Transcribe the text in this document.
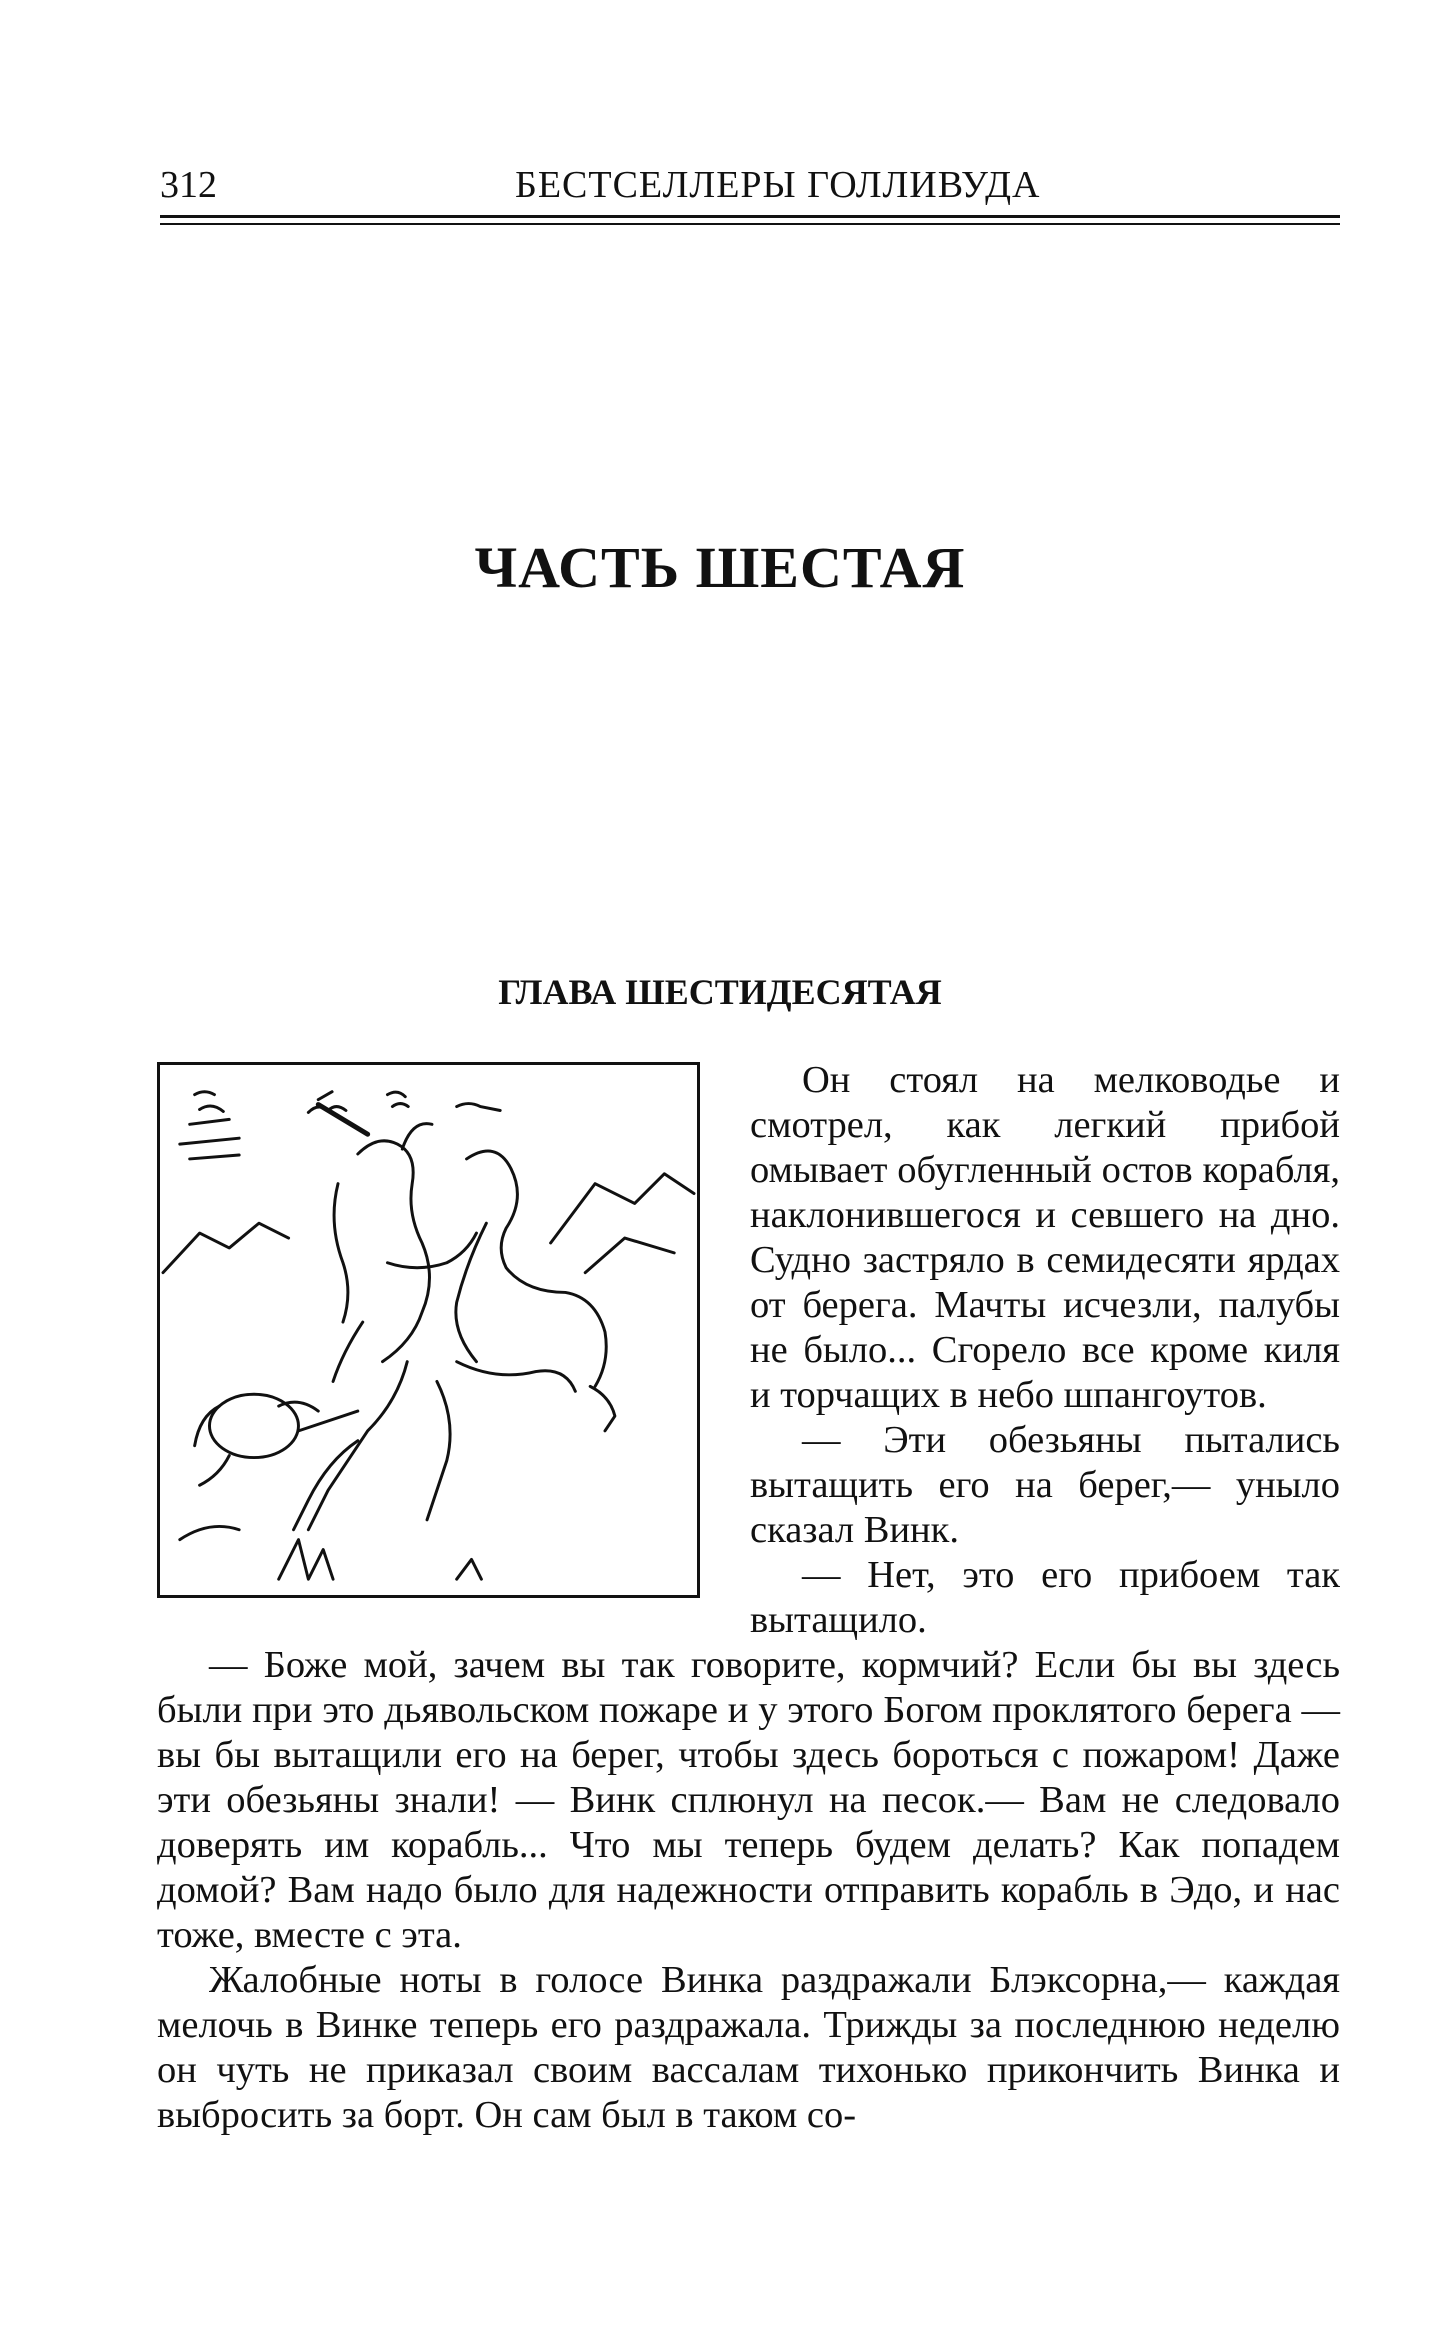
312	БЕСТСЕЛЛЕРЫ ГОЛЛИВУДА
ЧАСТЬ ШЕСТАЯ
ГЛАВА ШЕСТИДЕСЯТАЯ

Он стоял на мелководье и смотрел, как легкий прибой омывает обугленный остов корабля, наклонившегося и севшего на дно. Судно застряло в семидесяти ярдах от берега. Мачты исчезли, палубы не было... Сгорело все кроме киля и торчащих в небо шпангоутов.

— Эти обезьяны пытались вытащить его на берег,— уныло сказал Винк.

— Нет, это его прибоем так вытащило.

— Боже мой, зачем вы так говорите, кормчий? Если бы вы здесь были при это дьявольском пожаре и у этого Богом проклятого берега — вы бы вытащили его на берег, чтобы здесь бороться с пожаром! Даже эти обезьяны знали! — Винк сплюнул на песок.— Вам не следовало доверять им корабль... Что мы теперь будем делать? Как попадем домой? Вам надо было для надежности отправить корабль в Эдо, и нас тоже, вместе с эта.

Жалобные ноты в голосе Винка раздражали Блэксорна,— каждая мелочь в Винке теперь его раздражала. Трижды за последнюю неделю он чуть не приказал своим вассалам тихонько прикончить Винка и выбросить за борт. Он сам был в таком со-
